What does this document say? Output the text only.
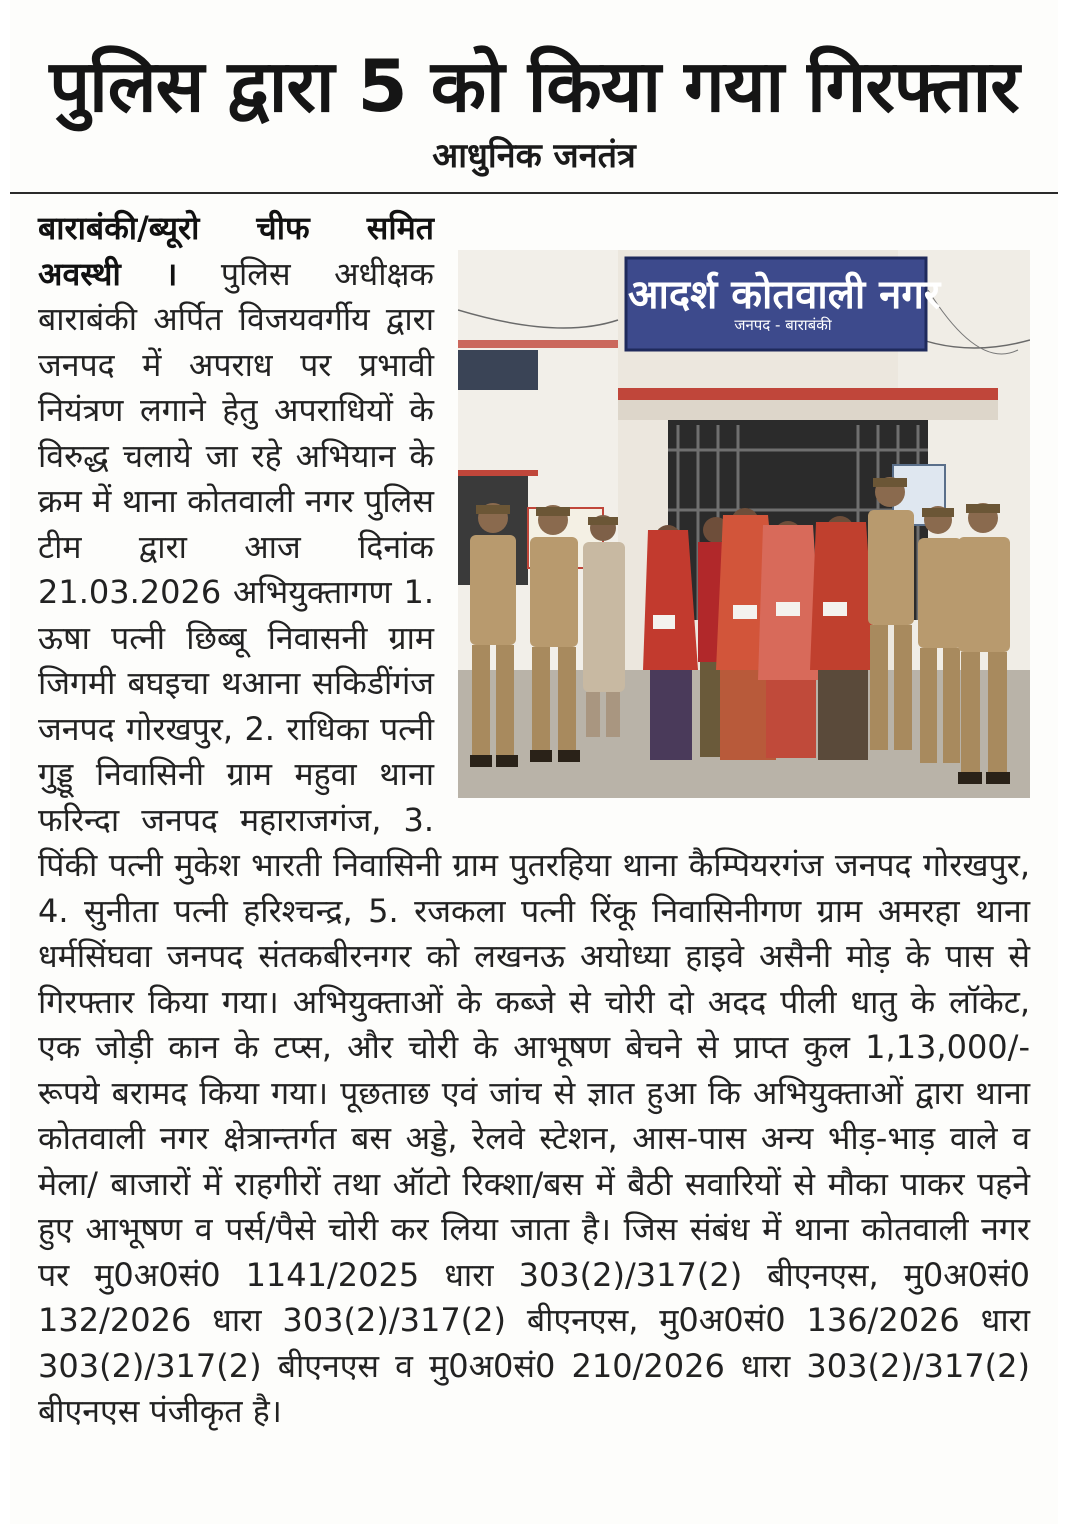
पुलिस द्वारा 5 को किया गया गिरफ्तार
आधुनिक जनतंत्र
आदर्श कोतवाली नगर
जनपद - बाराबंकी
बाराबंकी/ब्यूरो चीफ समित अवस्थी । पुलिस अधीक्षक बाराबंकी अर्पित विजयवर्गीय द्वारा जनपद में अपराध पर प्रभावी नियंत्रण लगाने हेतु अपराधियों के विरुद्ध चलाये जा रहे अभियान के क्रम में थाना कोतवाली नगर पुलिस टीम द्वारा आज दिनांक 21.03.2026 अभियुक्तागण 1. ऊषा पत्नी छिब्बू निवासनी ग्राम जिगमी बघइचा थआना सकिडींगंज जनपद गोरखपुर, 2. राधिका पत्नी गुड्डू निवासिनी ग्राम महुवा थाना फरिन्दा जनपद महाराजगंज, 3. पिंकी पत्नी मुकेश भारती निवासिनी ग्राम पुतरहिया थाना कैम्पियरगंज जनपद गोरखपुर, 4. सुनीता पत्नी हरिश्चन्द्र, 5. रजकला पत्नी रिंकू निवासिनीगण ग्राम अमरहा थाना धर्मसिंघवा जनपद संतकबीरनगर को लखनऊ अयोध्या हाइवे असैनी मोड़ के पास से गिरफ्तार किया गया। अभियुक्ताओं के कब्जे से चोरी दो अदद पीली धातु के लॉकेट, एक जोड़ी कान के टप्स, और चोरी के आभूषण बेचने से प्राप्त कुल 1,13,000/- रूपये बरामद किया गया। पूछताछ एवं जांच से ज्ञात हुआ कि अभियुक्ताओं द्वारा थाना कोतवाली नगर क्षेत्रान्तर्गत बस अड्डे, रेलवे स्टेशन, आस-पास अन्य भीड़-भाड़ वाले व मेला/ बाजारों में राहगीरों तथा ऑटो रिक्शा/बस में बैठी सवारियों से मौका पाकर पहने हुए आभूषण व पर्स/पैसे चोरी कर लिया जाता है। जिस संबंध में थाना कोतवाली नगर पर मु0अ0सं0 1141/2025 धारा 303(2)/317(2) बीएनएस, मु0अ0सं0 132/2026 धारा 303(2)/317(2) बीएनएस, मु0अ0सं0 136/2026 धारा 303(2)/317(2) बीएनएस व मु0अ0सं0 210/2026 धारा 303(2)/317(2) बीएनएस पंजीकृत है।
